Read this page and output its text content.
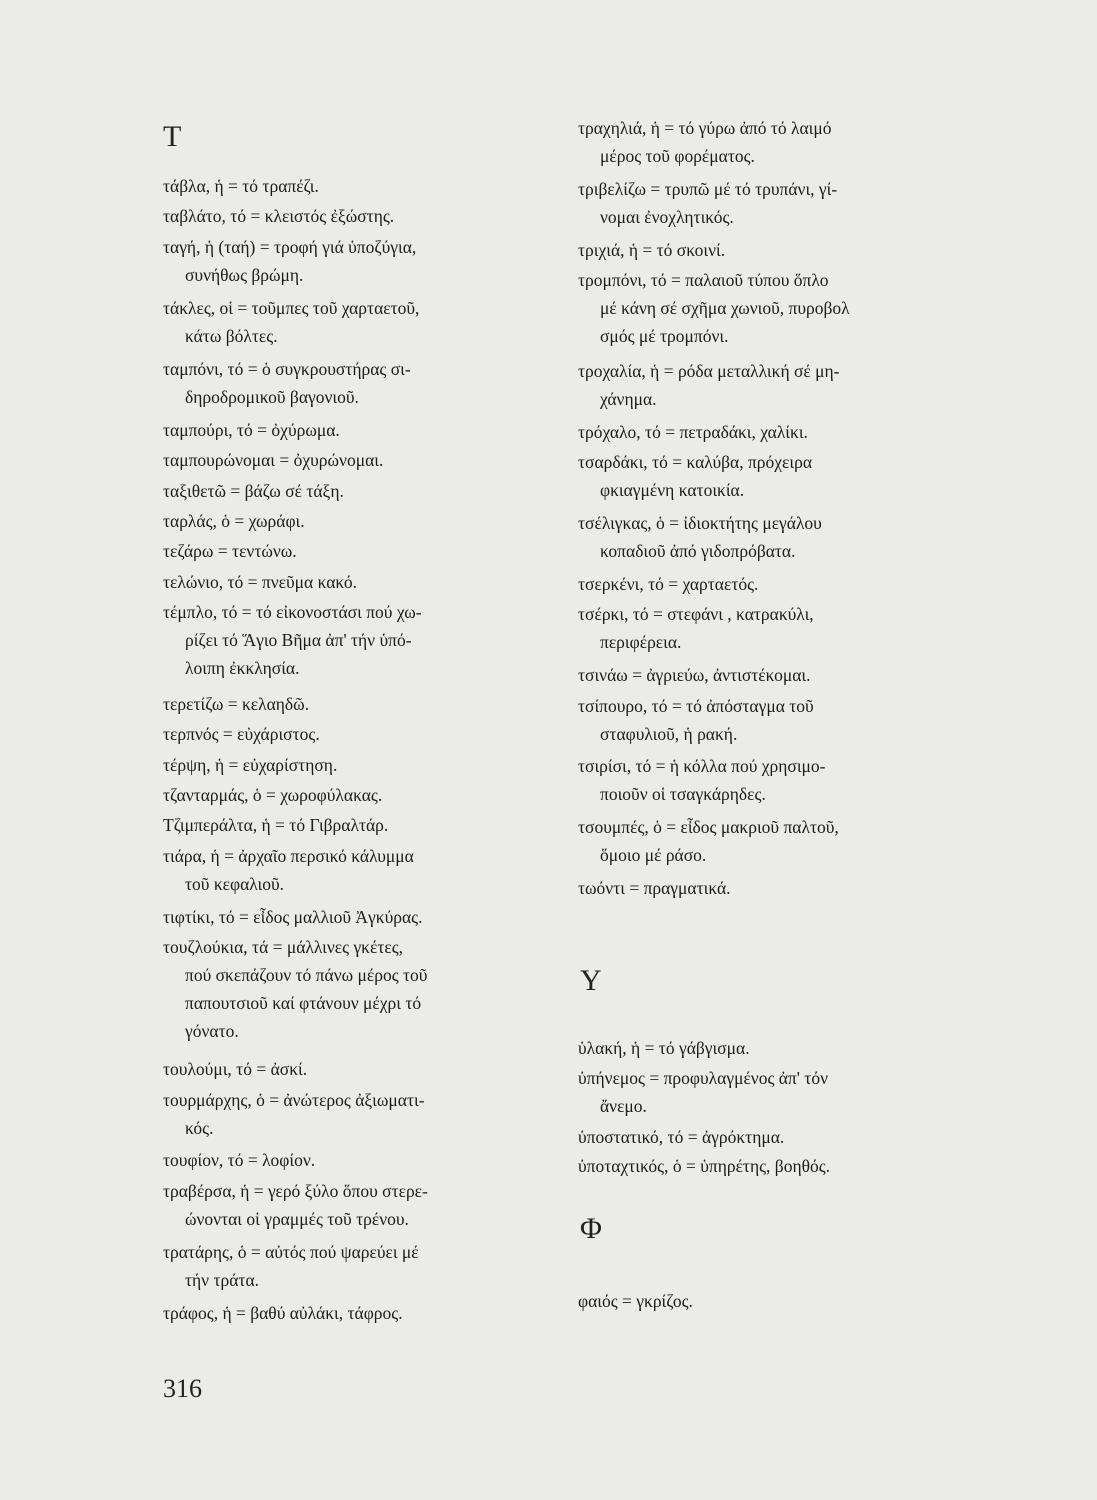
Τ
τάβλα, ἡ = τό τραπέζι.
ταβλάτο, τό = κλειστός ἐξώστης.
ταγή, ἡ (ταή) = τροφή γιά ὑποζύγια,
συνήθως βρώμη.
τάκλες, οἱ = τοῦμπες τοῦ χαρταετοῦ,
κάτω βόλτες.
ταμπόνι, τό = ὁ συγκρουστήρας σι-
δηροδρομικοῦ βαγονιοῦ.
ταμπούρι, τό = ὀχύρωμα.
ταμπουρώνομαι = ὀχυρώνομαι.
ταξιθετῶ = βάζω σέ τάξη.
ταρλάς, ὁ = χωράφι.
τεζάρω = τεντώνω.
τελώνιο, τό = πνεῦμα κακό.
τέμπλο, τό = τό εἰκονοστάσι πού χω-
ρίζει τό Ἅγιο Βῆμα ἀπ' τήν ὑπό-
λοιπη ἐκκλησία.
τερετίζω = κελαηδῶ.
τερπνός = εὐχάριστος.
τέρψη, ἡ = εὐχαρίστηση.
τζανταρμάς, ὁ = χωροφύλακας.
Τζιμπεράλτα, ἡ = τό Γιβραλτάρ.
τιάρα, ἡ = ἀρχαῖο περσικό κάλυμμα
τοῦ κεφαλιοῦ.
τιφτίκι, τό = εἶδος μαλλιοῦ Ἀγκύρας.
τουζλούκια, τά = μάλλινες γκέτες,
πού σκεπάζουν τό πάνω μέρος τοῦ
παπουτσιοῦ καί φτάνουν μέχρι τό
γόνατο.
τουλούμι, τό = ἀσκί.
τουρμάρχης, ὁ = ἀνώτερος ἀξιωματι-
κός.
τουφίον, τό = λοφίον.
τραβέρσα, ἡ = γερό ξύλο ὅπου στερε-
ώνονται οἱ γραμμές τοῦ τρένου.
τρατάρης, ὁ = αὐτός πού ψαρεύει μέ
τήν τράτα.
τράφος, ἡ = βαθύ αὐλάκι, τάφρος.
τραχηλιά, ἡ = τό γύρω ἀπό τό λαιμό
μέρος τοῦ φορέματος.
τριβελίζω = τρυπῶ μέ τό τρυπάνι, γί-
νομαι ἐνοχλητικός.
τριχιά, ἡ = τό σκοινί.
τρομπόνι, τό = παλαιοῦ τύπου ὅπλο
μέ κάνη σέ σχῆμα χωνιοῦ, πυροβολ
σμός μέ τρομπόνι.
τροχαλία, ἡ = ρόδα μεταλλική σέ μη-
χάνημα.
τρόχαλο, τό = πετραδάκι, χαλίκι.
τσαρδάκι, τό = καλύβα, πρόχειρα
φκιαγμένη κατοικία.
τσέλιγκας, ὁ = ἰδιοκτήτης μεγάλου
κοπαδιοῦ ἀπό γιδοπρόβατα.
τσερκένι, τό = χαρταετός.
τσέρκι, τό = στεφάνι , κατρακύλι,
περιφέρεια.
τσινάω = ἀγριεύω, ἀντιστέκομαι.
τσίπουρο, τό = τό ἀπόσταγμα τοῦ
σταφυλιοῦ, ἡ ρακή.
τσιρίσι, τό = ἡ κόλλα πού χρησιμο-
ποιοῦν οἱ τσαγκάρηδες.
τσουμπές, ὁ = εἶδος μακριοῦ παλτοῦ,
ὅμοιο μέ ράσο.
τωόντι = πραγματικά.
Υ
ὑλακή, ἡ = τό γάβγισμα.
ὑπήνεμος = προφυλαγμένος ἀπ' τόν
ἄνεμο.
ὑποστατικό, τό = ἀγρόκτημα.
ὑποταχτικός, ὁ = ὑπηρέτης, βοηθός.
Φ
φαιός = γκρίζος.
316
